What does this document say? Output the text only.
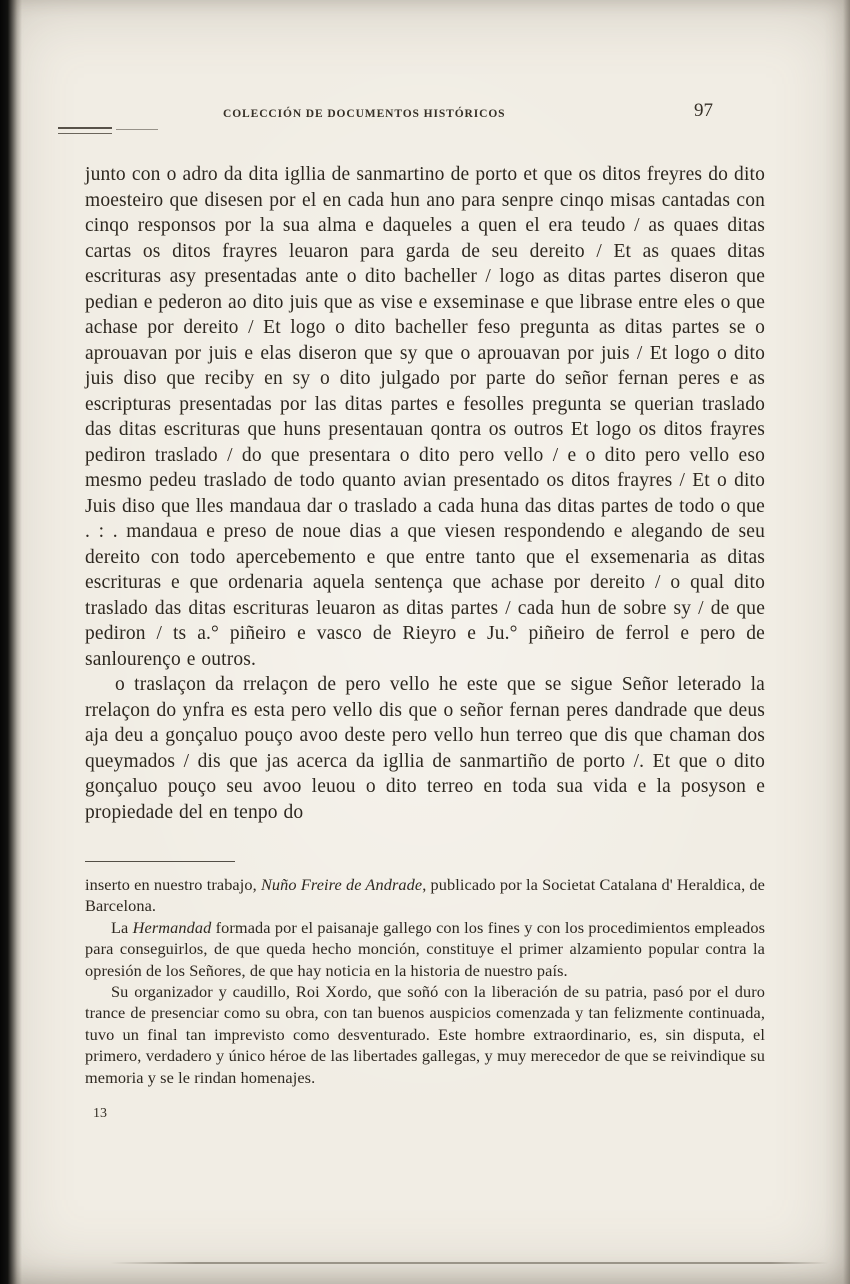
COLECCIÓN DE DOCUMENTOS HISTÓRICOS	97

junto con o adro da dita igllia de sanmartino de porto et que os ditos freyres do dito moesteiro que disesen por el en cada hun ano para senpre cinqo misas cantadas con cinqo responsos por la sua alma e daqueles a quen el era teudo / as quaes ditas cartas os ditos frayres leuaron para garda de seu dereito / Et as quaes ditas escrituras asy presentadas ante o dito bacheller / logo as ditas partes diseron que pedian e pederon ao dito juis que as vise e exseminase e que librase entre eles o que achase por dereito / Et logo o dito bacheller feso pregunta as ditas partes se o aprouavan por juis e elas diseron que sy que o aprouavan por juis / Et logo o dito juis diso que reciby en sy o dito julgado por parte do señor fernan peres e as escripturas presentadas por las ditas partes e fesolles pregunta se querian traslado das ditas escrituras que huns presentauan qontra os outros Et logo os ditos frayres pediron traslado / do que presentara o dito pero vello / e o dito pero vello eso mesmo pedeu traslado de todo quanto avian presentado os ditos frayres / Et o dito Juis diso que lles mandaua dar o traslado a cada huna das ditas partes de todo o que . : . mandaua e preso de noue dias a que viesen respondendo e alegando de seu dereito con todo apercebemento e que entre tanto que el exsemenaria as ditas escrituras e que ordenaria aquela sentença que achase por dereito / o qual dito traslado das ditas escrituras leuaron as ditas partes / cada hun de sobre sy / de que pediron / ts a.° piñeiro e vasco de Rieyro e Ju.° piñeiro de ferrol e pero de sanlourenço e outros.

o traslaçon da rrelaçon de pero vello he este que se sigue Señor leterado la rrelaçon do ynfra es esta pero vello dis que o señor fernan peres dandrade que deus aja deu a gonçaluo pouço avoo deste pero vello hun terreo que dis que chaman dos queymados / dis que jas acerca da igllia de sanmartiño de porto /. Et que o dito gonçaluo pouço seu avoo leuou o dito terreo en toda sua vida e la posyson e propiedade del en tenpo do

inserto en nuestro trabajo, Nuño Freire de Andrade, publicado por la Societat Catalana d' Heraldica, de Barcelona.

La Hermandad formada por el paisanaje gallego con los fines y con los procedimientos empleados para conseguirlos, de que queda hecho monción, constituye el primer alzamiento popular contra la opresión de los Señores, de que hay noticia en la historia de nuestro país.

Su organizador y caudillo, Roi Xordo, que soñó con la liberación de su patria, pasó por el duro trance de presenciar como su obra, con tan buenos auspicios comenzada y tan felizmente continuada, tuvo un final tan imprevisto como desventurado. Este hombre extraordinario, es, sin disputa, el primero, verdadero y único héroe de las libertades gallegas, y muy merecedor de que se reivindique su memoria y se le rindan homenajes.

13
